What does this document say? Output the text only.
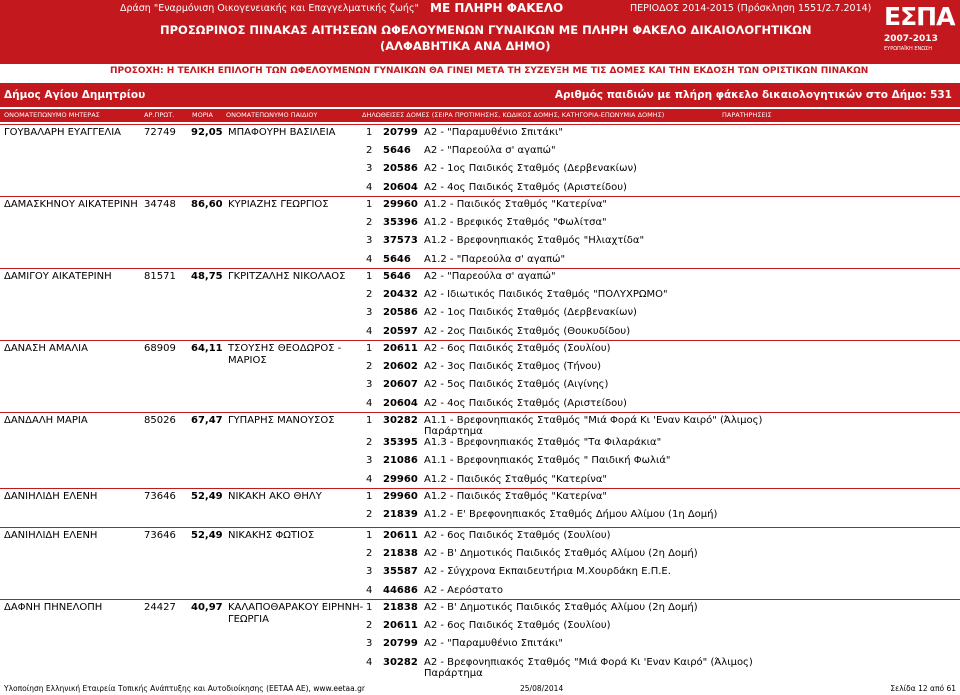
Δράση "Εναρμόνιση Οικογενειακής και Επαγγελματικής ζωής" ΜΕ ΠΛΗΡΗ ΦΑΚΕΛΟ	ΠΕΡΙΟΔΟΣ 2014-2015 (Πρόσκληση 1551/2.7.2014)
ΠΡΟΣΩΡΙΝΟΣ ΠΙΝΑΚΑΣ ΑΙΤΗΣΕΩΝ ΩΦΕΛΟΥΜΕΝΩΝ ΓΥΝΑΙΚΩΝ ΜΕ ΠΛΗΡΗ ΦΑΚΕΛΟ ΔΙΚΑΙΟΛΟΓΗΤΙΚΩΝ
(ΑΛΦΑΒΗΤΙΚΑ ΑΝΑ ΔΗΜΟ)
ΕΣΠΑ
2007-2013
ΕΥΡΩΠΑΪΚΗ ΕΝΩΣΗ
ΠΡΟΣΟΧΗ: Η ΤΕΛΙΚΗ ΕΠΙΛΟΓΗ ΤΩΝ ΩΦΕΛΟΥΜΕΝΩΝ ΓΥΝΑΙΚΩΝ ΘΑ ΓΙΝΕΙ ΜΕΤΑ ΤΗ ΣΥΖΕΥΞΗ ΜΕ ΤΙΣ ΔΟΜΕΣ ΚΑΙ ΤΗΝ ΕΚΔΟΣΗ ΤΩΝ ΟΡΙΣΤΙΚΩΝ ΠΙΝΑΚΩΝ
Δήμος Αγίου Δημητρίου	Αριθμός παιδιών με πλήρη φάκελο δικαιολογητικών στο Δήμο: 531
ΟΝΟΜΑΤΕΠΩΝΥΜΟ ΜΗΤΕΡΑΣ	ΑΡ.ΠΡΩΤ.	ΜΟΡΙΑ ΟΝΟΜΑΤΕΠΩΝΥΜΟ ΠΑΙΔΙΟΥ	ΔΗΛΩΘΕΙΣΕΣ ΔΟΜΕΣ (ΣΕΙΡΑ ΠΡΟΤΙΜΗΣΗΣ, ΚΩΔΙΚΟΣ ΔΟΜΗΣ, ΚΑΤΗΓΟΡΙΑ-ΕΠΩΝΥΜΙΑ ΔΟΜΗΣ)	ΠΑΡΑΤΗΡΗΣΕΙΣ
ΓΟΥΒΑΛΑΡΗ ΕΥΑΓΓΕΛΙΑ 72749 92,05 ΜΠΑΦΟΥΡΗ ΒΑΣΙΛΕΙΑ	1 20799 Α2 - "Παραμυθένιο Σπιτάκι"
2 5646 Α2 - "Παρεούλα σ' αγαπώ"
3 20586 Α2 - 1ος Παιδικός Σταθμός (Δερβενακίων)
4 20604 Α2 - 4ος Παιδικός Σταθμός (Αριστείδου)
ΔΑΜΑΣΚΗΝΟΥ ΑΙΚΑΤΕΡΙΝΗ 34748 86,60 ΚΥΡΙΑΖΗΣ ΓΕΩΡΓΙΟΣ	1 29960 Α1.2 - Παιδικός Σταθμός "Κατερίνα"
2 35396 Α1.2 - Βρεφικός Σταθμός "Φωλίτσα"
3 37573 Α1.2 - Βρεφονηπιακός Σταθμός "Ηλιαχτίδα"
4 5646 Α1.2 - "Παρεούλα σ' αγαπώ"
ΔΑΜΙΓΟΥ ΑΙΚΑΤΕΡΙΝΗ	81571 48,75 ΓΚΡΙΤΖΑΛΗΣ ΝΙΚΟΛΑΟΣ 1 5646 Α2 - "Παρεούλα σ' αγαπώ"
2 20432 Α2 - Ιδιωτικός Παιδικός Σταθμός "ΠΟΛΥΧΡΩΜΟ"
3 20586 Α2 - 1ος Παιδικός Σταθμός (Δερβενακίων)
4 20597 Α2 - 2ος Παιδικός Σταθμός (Θουκυδίδου)
ΔΑΝΑΣΗ ΑΜΑΛΙΑ	68909 64,11 ΤΣΟΥΣΗΣ ΘΕΟΔΩΡΟΣ -
ΜΑΡΙΟΣ
1 20611 Α2 - 6ος Παιδικός Σταθμός (Σουλίου)
2 20602 Α2 - 3ος Παιδικός Σταθμος (Τήνου)
3 20607 Α2 - 5ος Παιδικός Σταθμός (Αιγίνης)
4 20604 Α2 - 4ος Παιδικός Σταθμός (Αριστείδου)
ΔΑΝΔΑΛΗ ΜΑΡΙΑ	85026 67,47 ΓΥΠΑΡΗΣ ΜΑΝΟΥΣΟΣ	1 30282 Α1.1 - Βρεφονηπιακός Σταθμός "Μιά Φορά Κι 'Εναν Καιρό" (Άλιμος)
Παράρτημα
2 35395 Α1.3 - Βρεφονηπιακός Σταθμός "Τα Φιλαράκια"
3 21086 Α1.1 - Βρεφονηπιακός Σταθμός " Παιδική Φωλιά"
4 29960 Α1.2 - Παιδικός Σταθμός "Κατερίνα"
ΔΑΝΙΗΛΙΔΗ ΕΛΕΝΗ	73646 52,49 ΝΙΚΑΚΗ ΑΚΟ ΘΗΛΥ	1 29960 Α1.2 - Παιδικός Σταθμός "Κατερίνα"
2 21839 Α1.2 - Ε' Βρεφονηπιακός Σταθμός Δήμου Αλίμου (1η Δομή)
ΔΑΝΙΗΛΙΔΗ ΕΛΕΝΗ	73646 52,49 ΝΙΚΑΚΗΣ ΦΩΤΙΟΣ	1 20611 Α2 - 6ος Παιδικός Σταθμός (Σουλίου)
2 21838 Α2 - Β' Δημοτικός Παιδικός Σταθμός Αλίμου (2η Δομή)
3 35587 Α2 - Σύγχρονα Εκπαιδευτήρια Μ.Χουρδάκη Ε.Π.Ε.
4 44686 Α2 - Αερόστατο
ΔΑΦΝΗ ΠΗΝΕΛΟΠΗ	24427 40,97 ΚΑΛΑΠΟΘΑΡΑΚΟΥ ΕΙΡΗΝΗ-
ΓΕΩΡΓΙΑ
1 21838 Α2 - Β' Δημοτικός Παιδικός Σταθμός Αλίμου (2η Δομή)
2 20611 Α2 - 6ος Παιδικός Σταθμός (Σουλίου)
3 20799 Α2 - "Παραμυθένιο Σπιτάκι"
4 30282 Α2 - Βρεφονηπιακός Σταθμός "Μιά Φορά Κι 'Εναν Καιρό" (Άλιμος)
Παράρτημα
Υλοποίηση Ελληνική Εταιρεία Τοπικής Ανάπτυξης και Αυτοδιοίκησης (ΕΕΤΑΑ ΑΕ), www.eetaa.gr	25/08/2014	Σελίδα 12 από 61
